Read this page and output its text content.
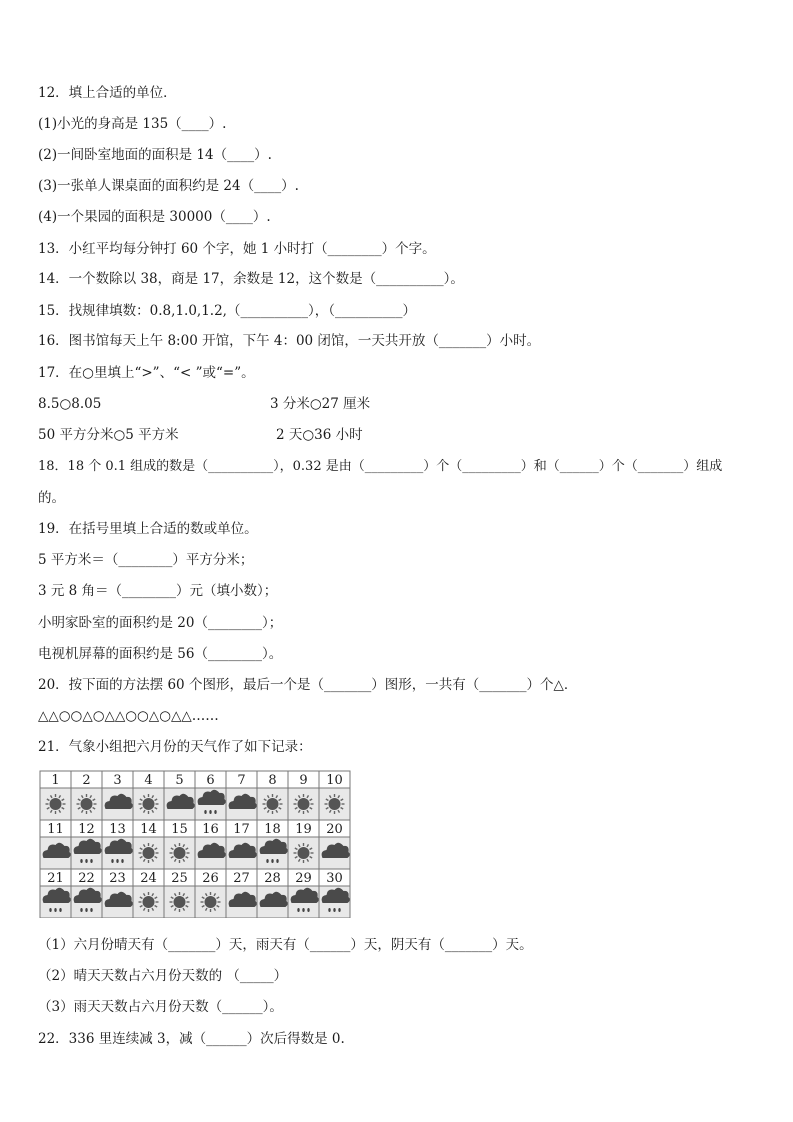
12．填上合适的单位．
(1)小光的身高是 135（____）.
(2)一间卧室地面的面积是 14（____）.
(3)一张单人课桌面的面积约是 24（____）.
(4)一个果园的面积是 30000（____）.
13．小红平均每分钟打 60 个字，她 1 小时打（________）个字。
14．一个数除以 38，商是 17，余数是 12，这个数是（__________）。
15．找规律填数：0.8,1.0,1.2,（__________），（__________）
16．图书馆每天上午 8:00 开馆，下午 4：00 闭馆，一天共开放（_______）小时。
17．在○里填上“>”、“< ”或“=”。
8.5○8.05	3 分米○27 厘米
50 平方分米○5 平方米	2 天○36 小时
18．18 个 0.1 组成的数是（__________），0.32 是由（_________）个（_________）和（______）个（_______）组成
的。
19．在括号里填上合适的数或单位。
5 平方米＝（________）平方分米；
3 元 8 角＝（________）元（填小数）；
小明家卧室的面积约是 20（________）；
电视机屏幕的面积约是 56（________）。
20．按下面的方法摆 60 个图形，最后一个是（_______）图形，一共有（_______）个△．
△△○○△○△△○○△○△△……
21．气象小组把六月份的天气作了如下记录：
1 2 3 4 5 6 7 8 9 10
11 12 13 14 15 16 17 18 19 20
21 22 23 24 25 26 27 28 29 30
（1）六月份晴天有（_______）天，雨天有（______）天，阴天有（_______）天。
（2）晴天天数占六月份天数的 （_____）
（3）雨天天数占六月份天数（______）。
22．336 里连续减 3，减（______）次后得数是 0.
